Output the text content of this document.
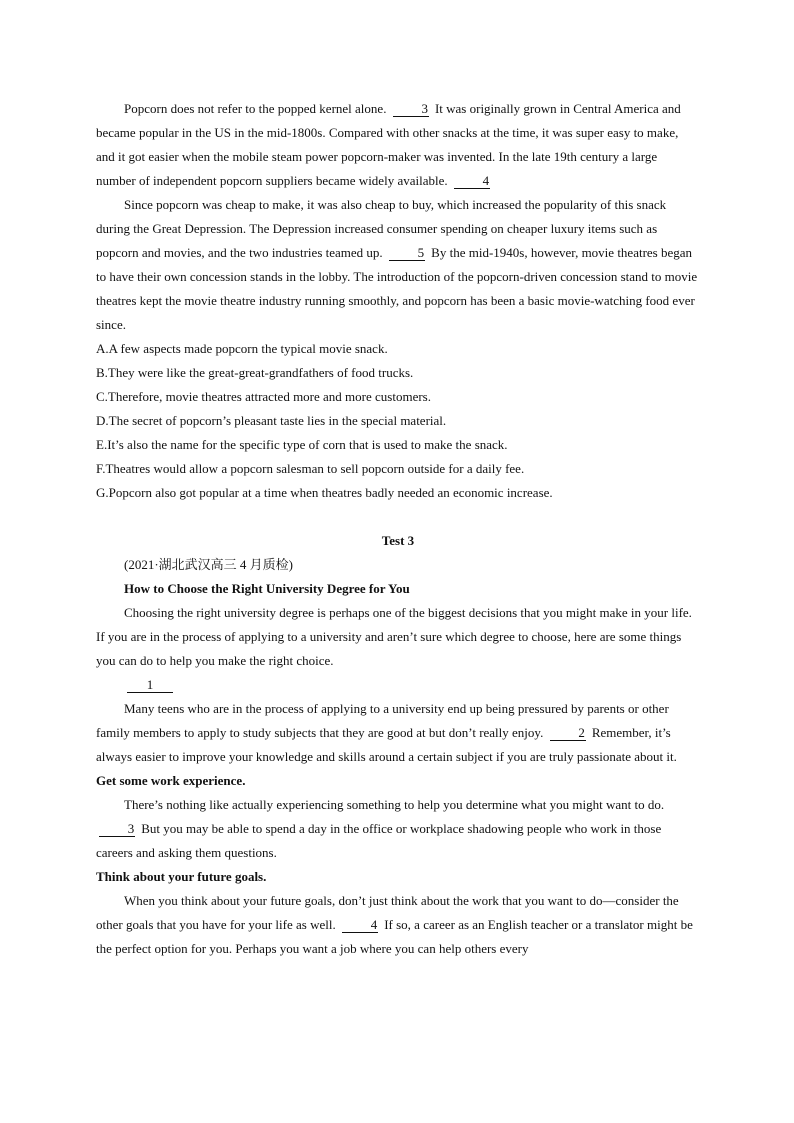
Popcorn does not refer to the popped kernel alone.	3 It was originally grown in Central America and became popular in the US in the mid-1800s. Compared with other snacks at the time, it was super easy to make, and it got easier when the mobile steam power popcorn-maker was invented. In the late 19th century a large number of independent popcorn suppliers became widely available.	4

Since popcorn was cheap to make, it was also cheap to buy, which increased the popularity of this snack during the Great Depression. The Depression increased consumer spending on cheaper luxury items such as popcorn and movies, and the two industries teamed up.	5 By the mid-1940s, however, movie theatres began to have their own concession stands in the lobby. The introduction of the popcorn-driven concession stand to movie theatres kept the movie theatre industry running smoothly, and popcorn has been a basic movie-watching food ever since.

A.A few aspects made popcorn the typical movie snack.

B.They were like the great-great-grandfathers of food trucks.

C.Therefore, movie theatres attracted more and more customers.

D.The secret of popcorn’s pleasant taste lies in the special material.

E.It’s also the name for the specific type of corn that is used to make the snack.

F.Theatres would allow a popcorn salesman to sell popcorn outside for a daily fee.

G.Popcorn also got popular at a time when theatres badly needed an economic increase.

Test 3

(2021·湖北武汉高三 4 月质检)

How to Choose the Right University Degree for You

Choosing the right university degree is perhaps one of the biggest decisions that you might make in your life. If you are in the process of applying to a university and aren’t sure which degree to choose, here are some things you can do to help you make the right choice.

1

Many teens who are in the process of applying to a university end up being pressured by parents or other family members to apply to study subjects that they are good at but don’t really enjoy.	2 Remember, it’s always easier to improve your knowledge and skills around a certain subject if you are truly passionate about it.

Get some work experience.

There’s nothing like actually experiencing something to help you determine what you might want to do. 3 But you may be able to spend a day in the office or workplace shadowing people who work in those careers and asking them questions.

Think about your future goals.

When you think about your future goals, don’t just think about the work that you want to do—consider the other goals that you have for your life as well.	4 If so, a career as an English teacher or a translator might be the perfect option for you. Perhaps you want a job where you can help others every
